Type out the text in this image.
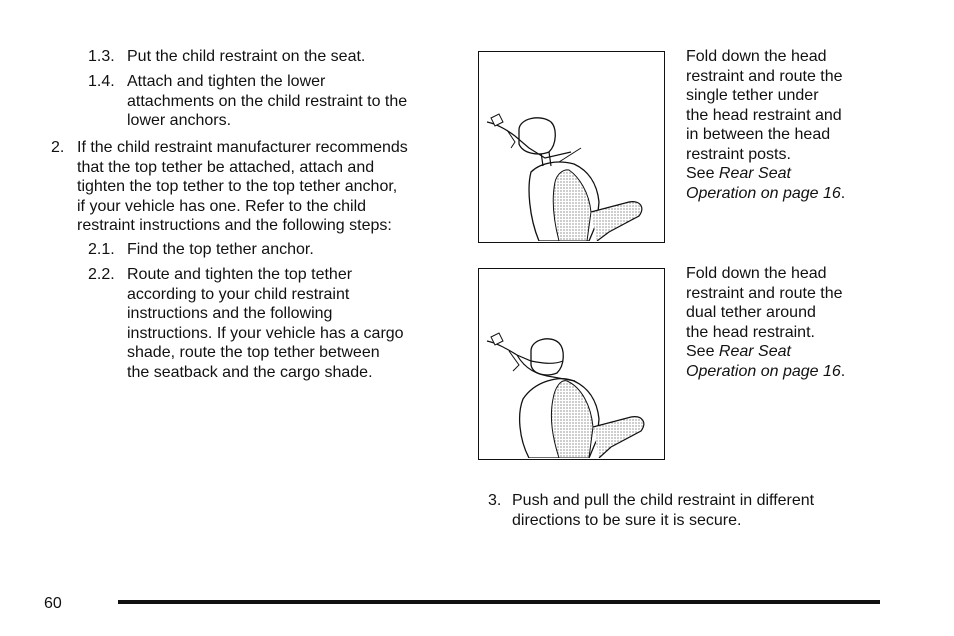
1.3. Put the child restraint on the seat.
1.4. Attach and tighten the lower
attachments on the child restraint to the
lower anchors.
2. If the child restraint manufacturer recommends
that the top tether be attached, attach and
tighten the top tether to the top tether anchor,
if your vehicle has one. Refer to the child
restraint instructions and the following steps:
2.1. Find the top tether anchor.
2.2. Route and tighten the top tether
according to your child restraint
instructions and the following
instructions. If your vehicle has a cargo
shade, route the top tether between
the seatback and the cargo shade.
Fold down the head
restraint and route the
single tether under
the head restraint and
in between the head
restraint posts.
See Rear Seat
Operation on page 16.
Fold down the head
restraint and route the
dual tether around
the head restraint.
See Rear Seat
Operation on page 16.
3. Push and pull the child restraint in different
directions to be sure it is secure.
60
